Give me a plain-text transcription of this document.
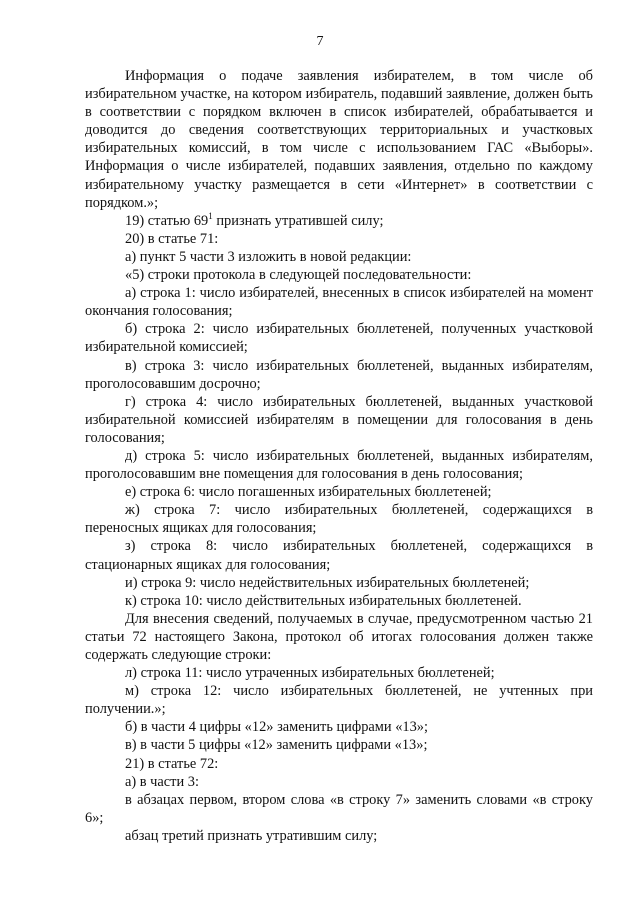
7

Информация о подаче заявления избирателем, в том числе об избирательном участке, на котором избиратель, подавший заявление, должен быть в соответствии с порядком включен в список избирателей, обрабатывается и доводится до сведения соответствующих территориальных и участковых избирательных комиссий, в том числе с использованием ГАС «Выборы». Информация о числе избирателей, подавших заявления, отдельно по каждому избирательному участку размещается в сети «Интернет» в соответствии с порядком.»;

19) статью $69^1$ признать утратившей силу;

20) в статье 71:

а) пункт 5 части 3 изложить в новой редакции:

«5) строки протокола в следующей последовательности:

а) строка 1: число избирателей, внесенных в список избирателей на момент окончания голосования;

б) строка 2: число избирательных бюллетеней, полученных участковой избирательной комиссией;

в) строка 3: число избирательных бюллетеней, выданных избирателям, проголосовавшим досрочно;

г) строка 4: число избирательных бюллетеней, выданных участковой избирательной комиссией избирателям в помещении для голосования в день голосования;

д) строка 5: число избирательных бюллетеней, выданных избирателям, проголосовавшим вне помещения для голосования в день голосования;

е) строка 6: число погашенных избирательных бюллетеней;

ж) строка 7: число избирательных бюллетеней, содержащихся в переносных ящиках для голосования;

з) строка 8: число избирательных бюллетеней, содержащихся в стационарных ящиках для голосования;

и) строка 9: число недействительных избирательных бюллетеней;

к) строка 10: число действительных избирательных бюллетеней.

Для внесения сведений, получаемых в случае, предусмотренном частью 21 статьи 72 настоящего Закона, протокол об итогах голосования должен также содержать следующие строки:

л) строка 11: число утраченных избирательных бюллетеней;

м) строка 12: число избирательных бюллетеней, не учтенных при получении.»;

б) в части 4 цифры «12» заменить цифрами «13»;

в) в части 5 цифры «12» заменить цифрами «13»;

21) в статье 72:

а) в части 3:

в абзацах первом, втором слова «в строку 7» заменить словами «в строку 6»;

абзац третий признать утратившим силу;
